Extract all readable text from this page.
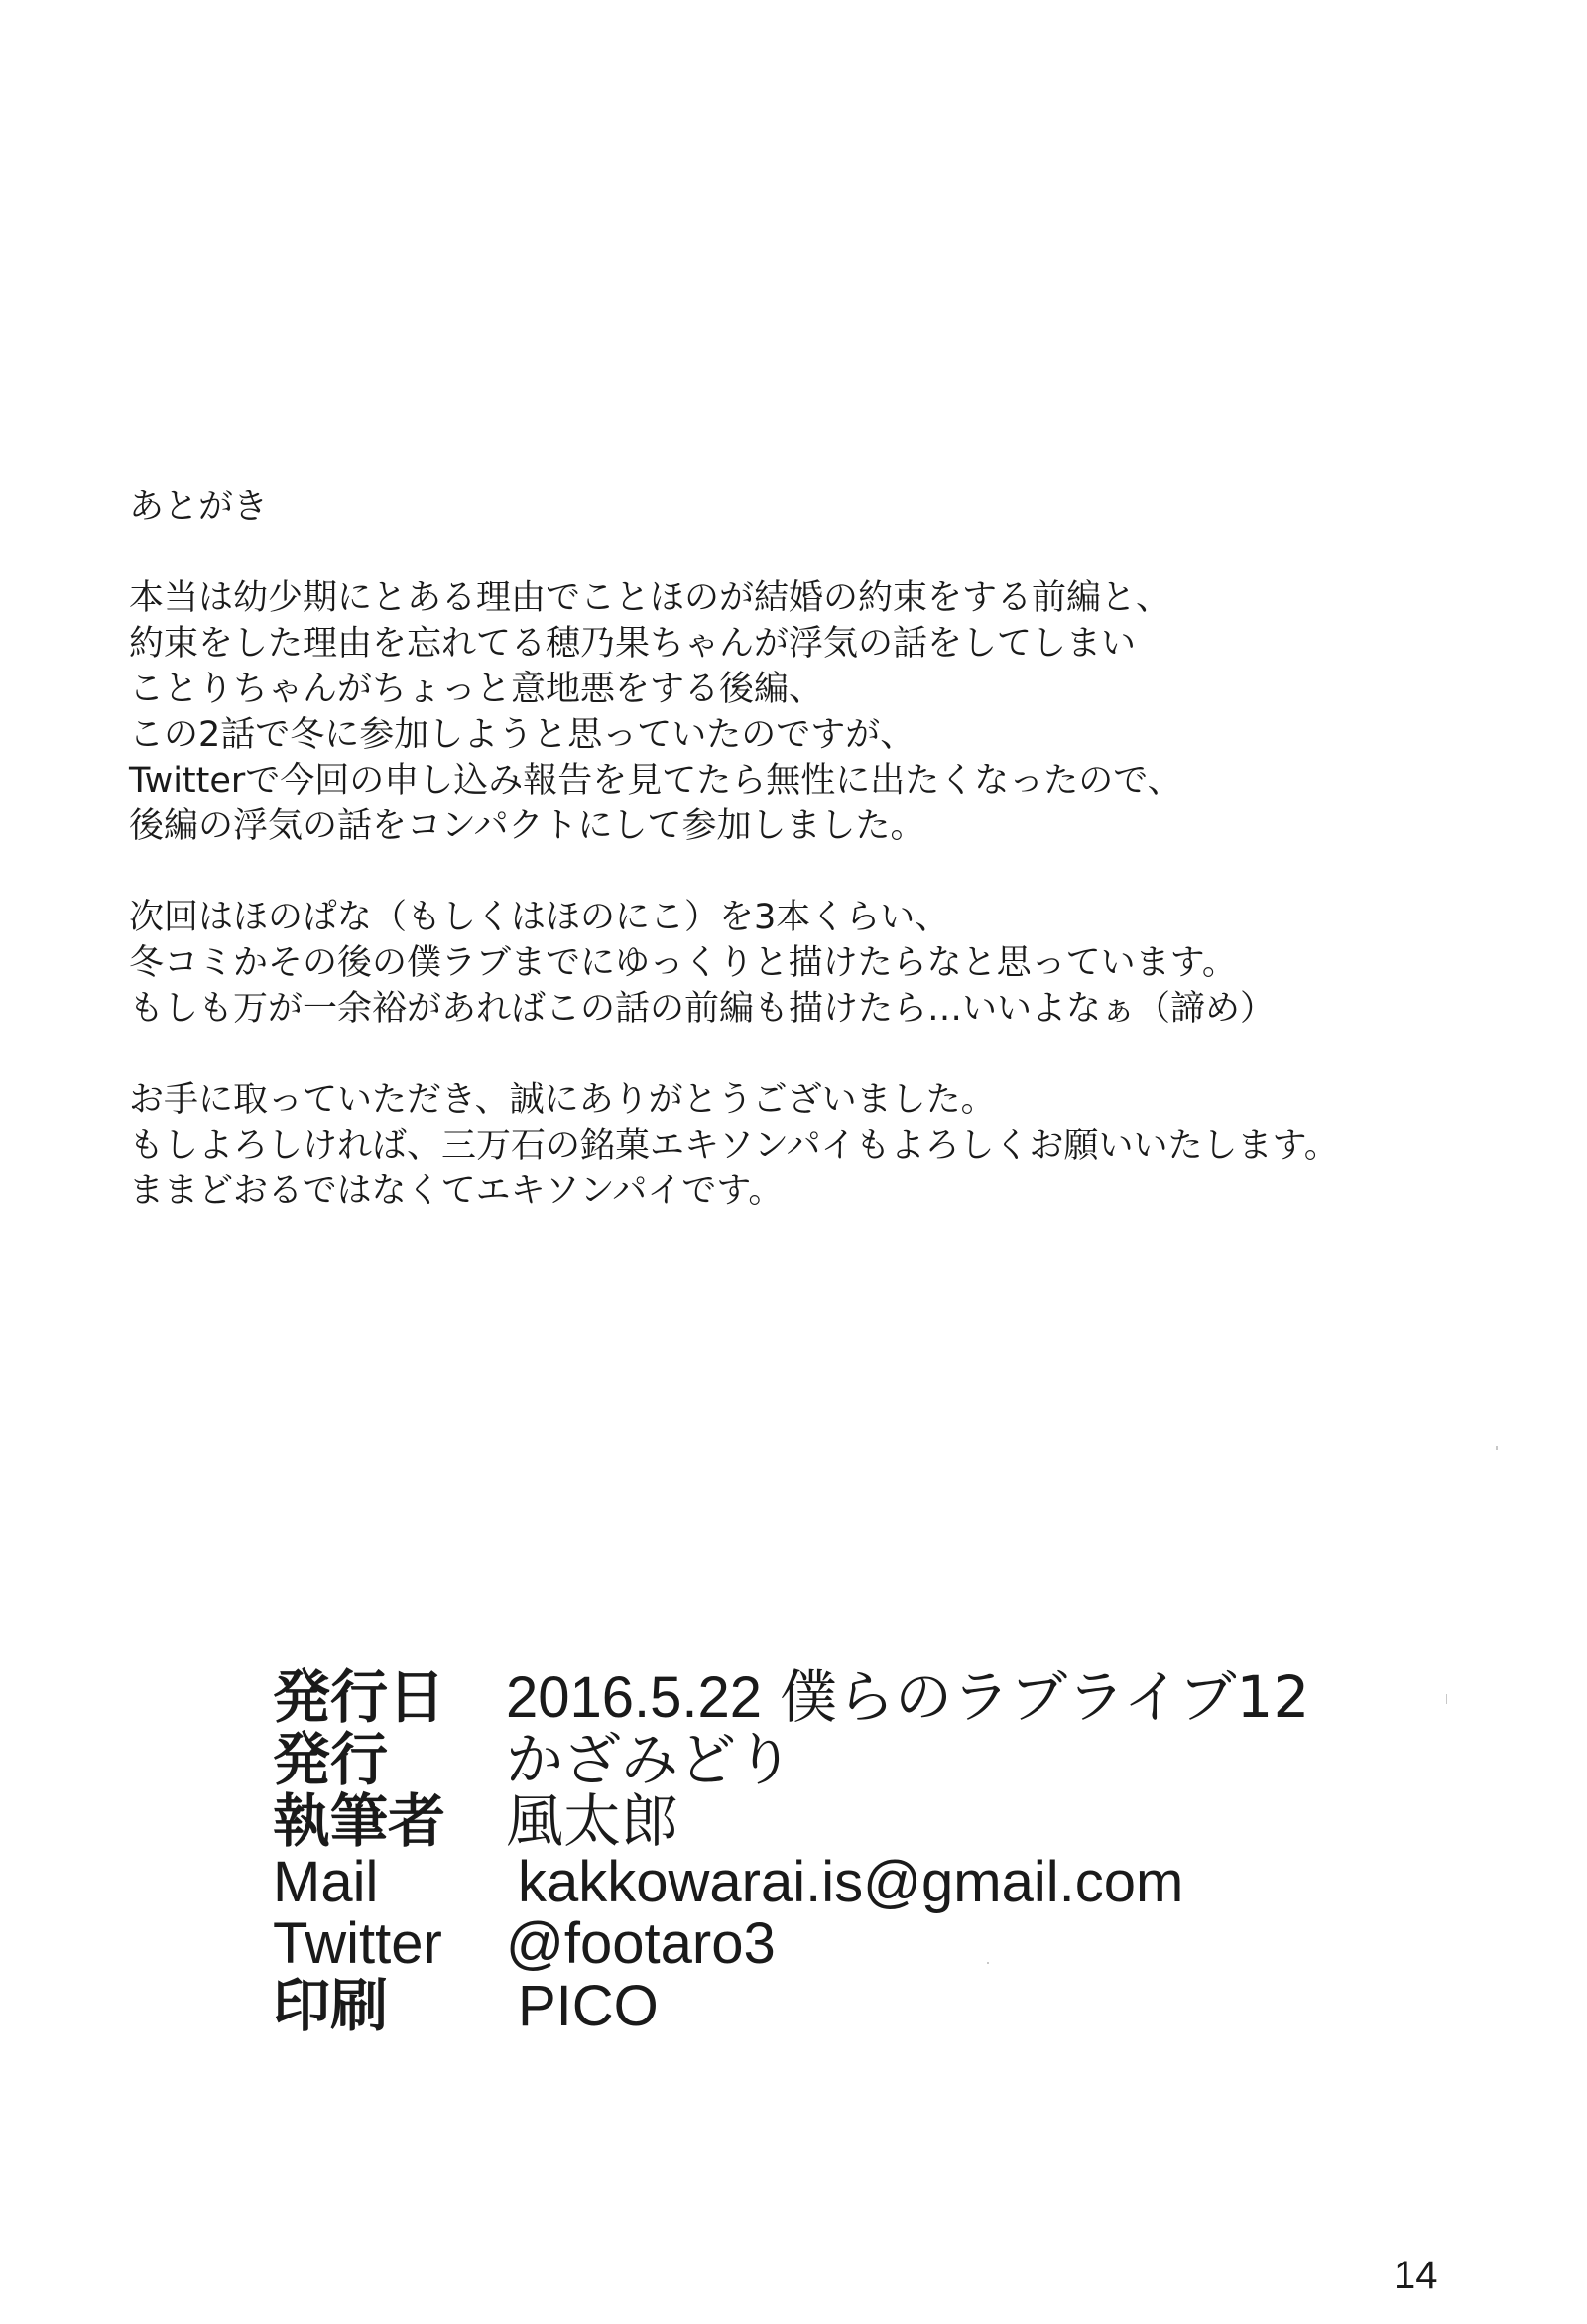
あとがき
本当は幼少期にとある理由でことほのが結婚の約束をする前編と、
約束をした理由を忘れてる穂乃果ちゃんが浮気の話をしてしまい
ことりちゃんがちょっと意地悪をする後編、
この2話で冬に参加しようと思っていたのですが、
Twitterで今回の申し込み報告を見てたら無性に出たくなったので、
後編の浮気の話をコンパクトにして参加しました。
次回はほのぱな（もしくはほのにこ）を3本くらい、
冬コミかその後の僕ラブまでにゆっくりと描けたらなと思っています。
もしも万が一余裕があればこの話の前編も描けたら…いいよなぁ（諦め）
お手に取っていただき、誠にありがとうございました。
もしよろしければ、三万石の銘菓エキソンパイもよろしくお願いいたします。
ままどおるではなくてエキソンパイです。
発行日	2016.5.22 僕らのラブライブ12
発行	かざみどり
執筆者	風太郎
Mail	kakkowarai.is@gmail.com
Twitter	@footaro3
印刷	PICO
14
